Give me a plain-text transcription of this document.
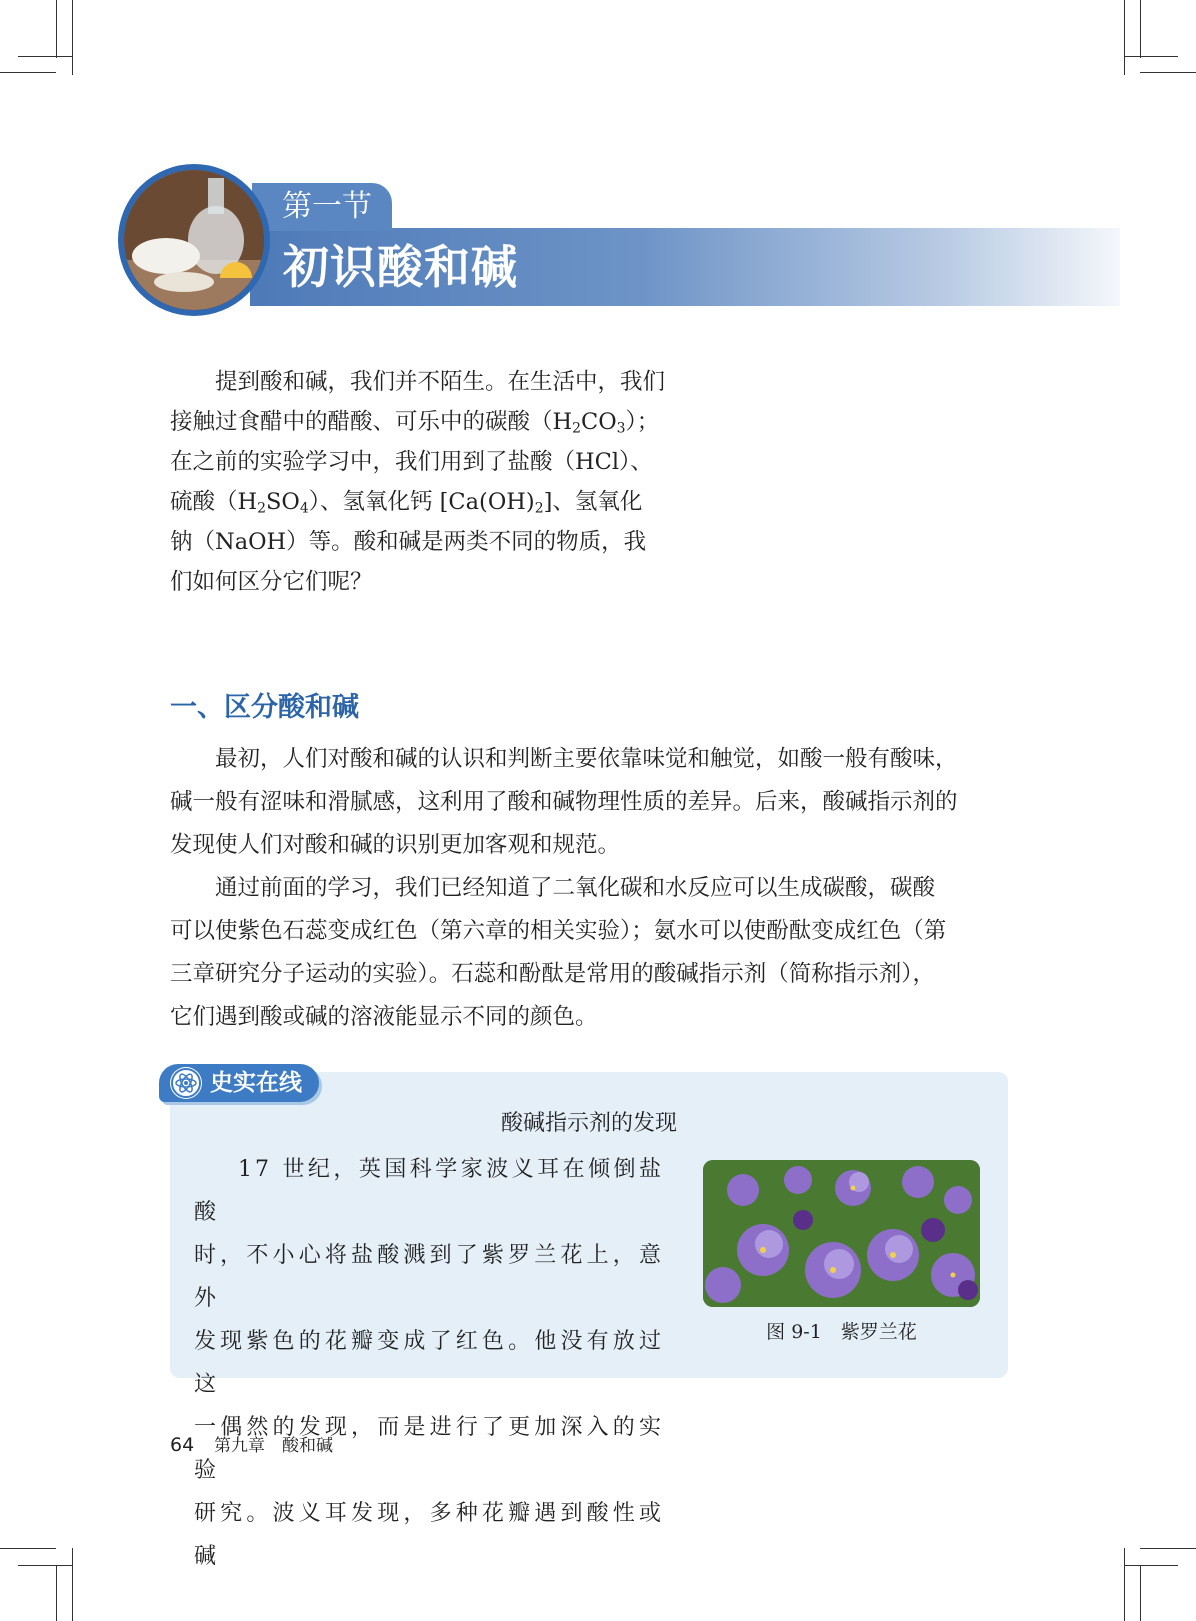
第一节
初识酸和碱

提到酸和碱，我们并不陌生。在生活中，我们

接触过食醋中的醋酸、可乐中的碳酸$(H_2CO_3)$；

在之前的实验学习中，我们用到了盐酸（HCl）、

硫酸$(H_2SO_4)$、氢氧化钙 $[Ca(OH)_2]$、氢氧化

钠（NaOH）等。酸和碱是两类不同的物质，我

们如何区分它们呢？

一、区分酸和碱

最初，人们对酸和碱的认识和判断主要依靠味觉和触觉，如酸一般有酸味，

碱一般有涩味和滑腻感，这利用了酸和碱物理性质的差异。后来，酸碱指示剂的

发现使人们对酸和碱的识别更加客观和规范。

通过前面的学习，我们已经知道了二氧化碳和水反应可以生成碳酸，碳酸

可以使紫色石蕊变成红色（第六章的相关实验）；氨水可以使酚酞变成红色（第

三章研究分子运动的实验）。石蕊和酚酞是常用的酸碱指示剂（简称指示剂），

它们遇到酸或碱的溶液能显示不同的颜色。

史实在线
酸碱指示剂的发现
17 世纪，英国科学家波义耳在倾倒盐酸
时，不小心将盐酸溅到了紫罗兰花上，意外
发现紫色的花瓣变成了红色。他没有放过这
一偶然的发现，而是进行了更加深入的实验
研究。波义耳发现，多种花瓣遇到酸性或碱
图 9-1　紫罗兰花
64 第九章　酸和碱
